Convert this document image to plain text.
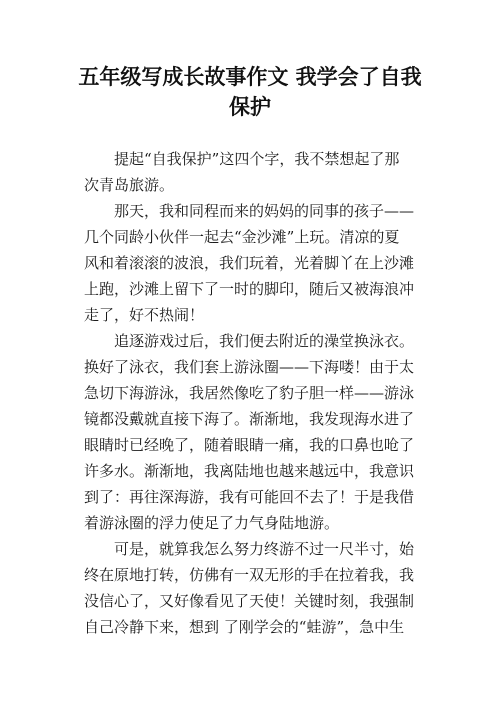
五年级写成长故事作文 我学会了自我
保护
提起“自我保护”这四个字，我不禁想起了那
次青岛旅游。
那天，我和同程而来的妈妈的同事的孩子——
几个同龄小伙伴一起去“金沙滩”上玩。清凉的夏
风和着滚滚的波浪，我们玩着，光着脚丫在上沙滩
上跑，沙滩上留下了一时的脚印，随后又被海浪冲
走了，好不热闹！
追逐游戏过后，我们便去附近的澡堂换泳衣。
换好了泳衣，我们套上游泳圈——下海喽！由于太
急切下海游泳，我居然像吃了豹子胆一样——游泳
镜都没戴就直接下海了。渐渐地，我发现海水进了
眼睛时已经晚了，随着眼睛一痛，我的口鼻也呛了
许多水。渐渐地，我离陆地也越来越远中，我意识
到了：再往深海游，我有可能回不去了！于是我借
着游泳圈的浮力使足了力气身陆地游。
可是，就算我怎么努力终游不过一尺半寸，始
终在原地打转，仿佛有一双无形的手在拉着我，我
没信心了，又好像看见了天使！关键时刻，我强制
自己冷静下来，想到 了刚学会的“蛙游”，急中生
